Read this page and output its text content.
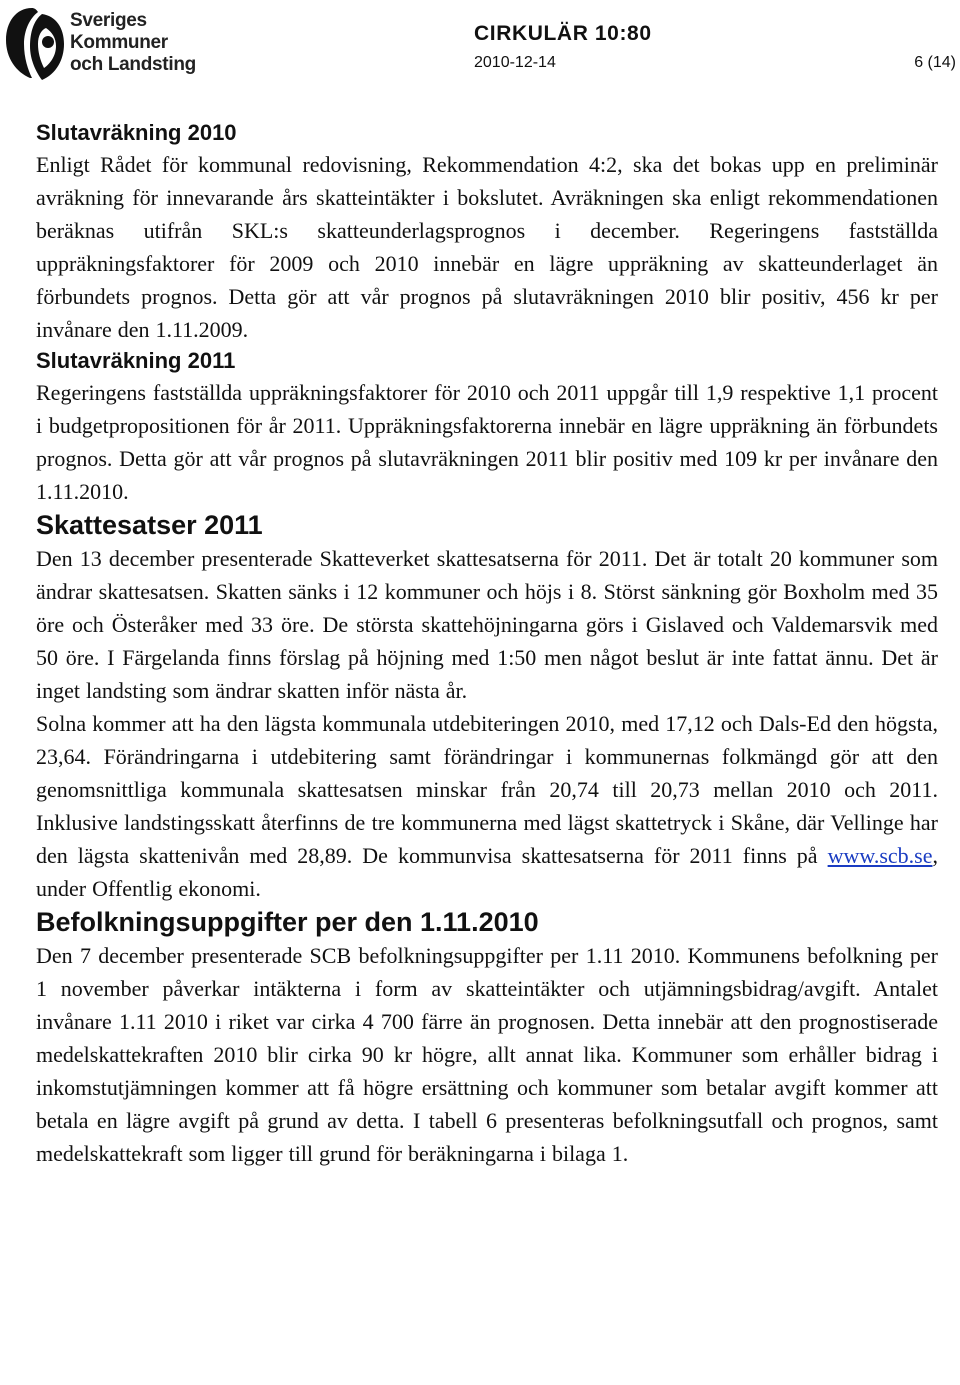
Sveriges
Kommuner
och Landsting
CIRKULÄR 10:80
2010-12-14	6 (14)
Slutavräkning 2010

Enligt Rådet för kommunal redovisning, Rekommendation 4:2, ska det bokas upp en preliminär avräkning för innevarande års skatteintäkter i bokslutet. Avräkningen ska enligt rekommendationen beräknas utifrån SKL:s skatteunderlagsprognos i december. Regeringens fastställda uppräkningsfaktorer för 2009 och 2010 innebär en lägre uppräkning av skatteunderlaget än förbundets prognos. Detta gör att vår prognos på slutavräkningen 2010 blir positiv, 456 kr per invånare den 1.11.2009.

Slutavräkning 2011

Regeringens fastställda uppräkningsfaktorer för 2010 och 2011 uppgår till 1,9 respektive 1,1 procent i budgetpropositionen för år 2011. Uppräkningsfaktorerna innebär en lägre uppräkning än förbundets prognos. Detta gör att vår prognos på slutavräkningen 2011 blir positiv med 109 kr per invånare den 1.11.2010.

Skattesatser 2011

Den 13 december presenterade Skatteverket skattesatserna för 2011. Det är totalt 20 kommuner som ändrar skattesatsen. Skatten sänks i 12 kommuner och höjs i 8. Störst sänkning gör Boxholm med 35 öre och Österåker med 33 öre. De största skattehöjningarna görs i Gislaved och Valdemarsvik med 50 öre. I Färgelanda finns förslag på höjning med 1:50 men något beslut är inte fattat ännu. Det är inget landsting som ändrar skatten inför nästa år.

Solna kommer att ha den lägsta kommunala utdebiteringen 2010, med 17,12 och Dals-Ed den högsta, 23,64. Förändringarna i utdebitering samt förändringar i kommunernas folkmängd gör att den genomsnittliga kommunala skattesatsen minskar från 20,74 till 20,73 mellan 2010 och 2011. Inklusive landstingsskatt återfinns de tre kommunerna med lägst skattetryck i Skåne, där Vellinge har den lägsta skattenivån med 28,89. De kommunvisa skattesatserna för 2011 finns på www.scb.se, under Offentlig ekonomi.

Befolkningsuppgifter per den 1.11.2010

Den 7 december presenterade SCB befolkningsuppgifter per 1.11 2010. Kommunens befolkning per 1 november påverkar intäkterna i form av skatteintäkter och utjämningsbidrag/avgift. Antalet invånare 1.11 2010 i riket var cirka 4 700 färre än prognosen. Detta innebär att den prognostiserade medelskattekraften 2010 blir cirka 90 kr högre, allt annat lika. Kommuner som erhåller bidrag i inkomstutjämningen kommer att få högre ersättning och kommuner som betalar avgift kommer att betala en lägre avgift på grund av detta. I tabell 6 presenteras befolkningsutfall och prognos, samt medelskattekraft som ligger till grund för beräkningarna i bilaga 1.
